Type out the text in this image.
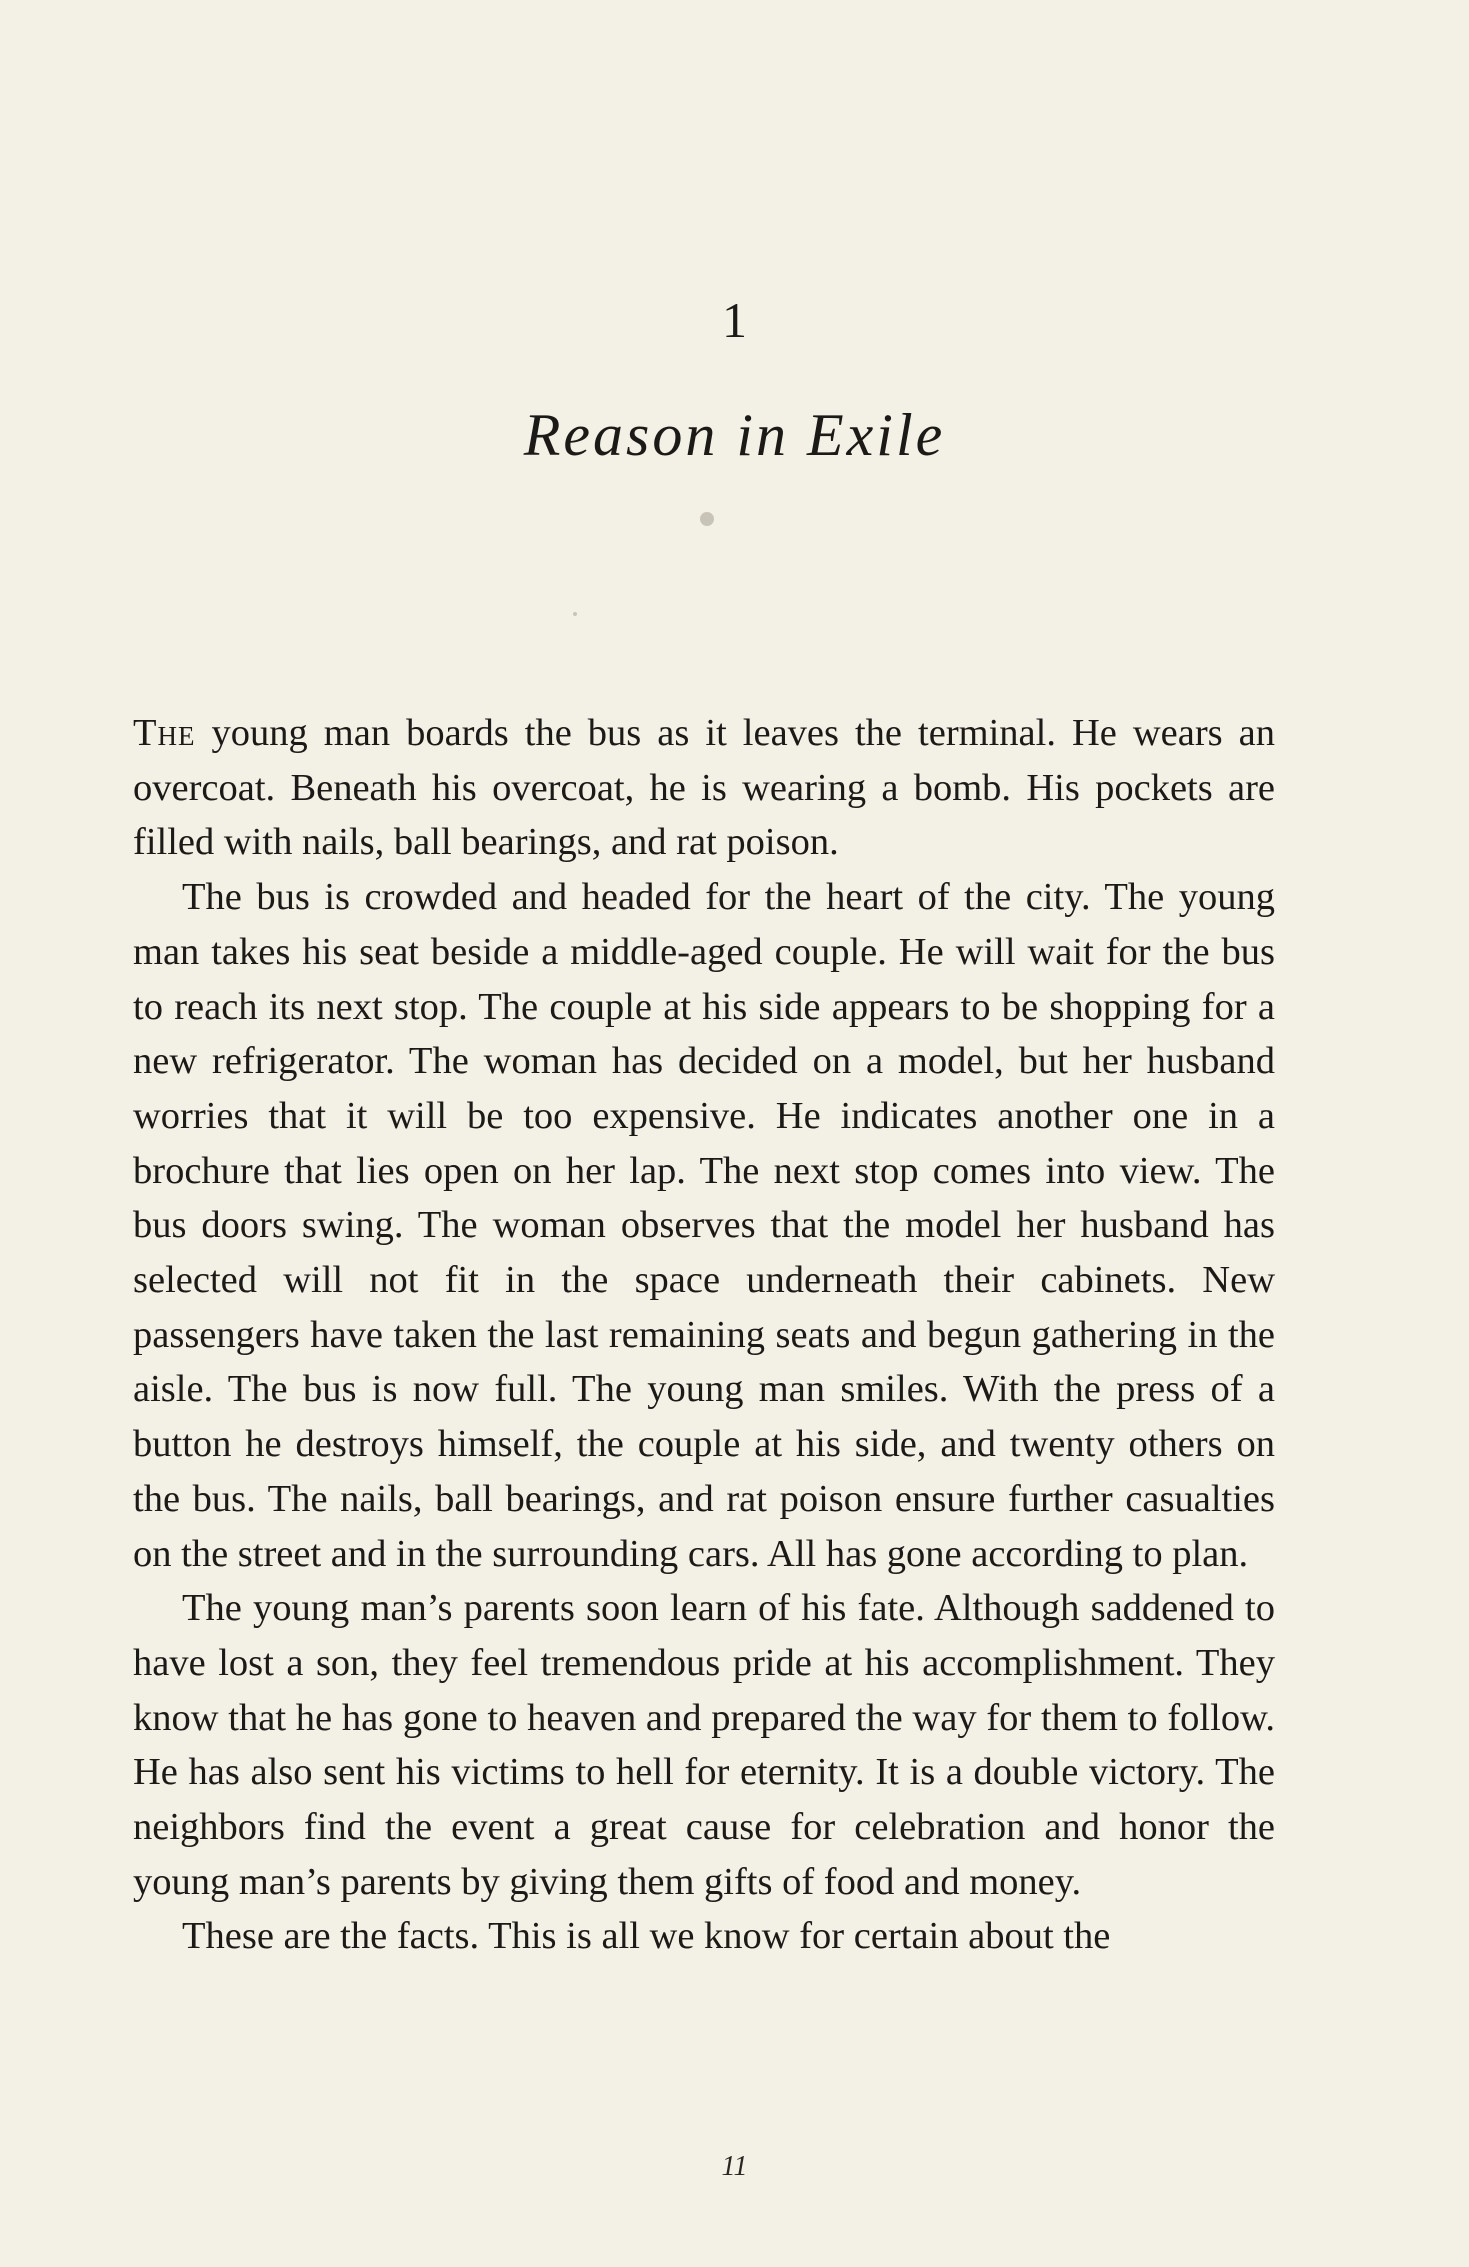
1
Reason in Exile

The young man boards the bus as it leaves the terminal. He wears an overcoat. Beneath his overcoat, he is wearing a bomb. His pockets are filled with nails, ball bearings, and rat poison.

The bus is crowded and headed for the heart of the city. The young man takes his seat beside a middle-aged couple. He will wait for the bus to reach its next stop. The couple at his side appears to be shopping for a new refrigerator. The woman has decided on a model, but her husband worries that it will be too expensive. He indicates another one in a brochure that lies open on her lap. The next stop comes into view. The bus doors swing. The woman observes that the model her husband has selected will not fit in the space underneath their cabinets. New passengers have taken the last remaining seats and begun gathering in the aisle. The bus is now full. The young man smiles. With the press of a button he destroys himself, the couple at his side, and twenty others on the bus. The nails, ball bearings, and rat poison ensure further casualties on the street and in the surrounding cars. All has gone according to plan.

The young man’s parents soon learn of his fate. Although saddened to have lost a son, they feel tremendous pride at his accomplishment. They know that he has gone to heaven and prepared the way for them to follow. He has also sent his victims to hell for eternity. It is a double victory. The neighbors find the event a great cause for celebration and honor the young man’s parents by giving them gifts of food and money.

These are the facts. This is all we know for certain about the

11
